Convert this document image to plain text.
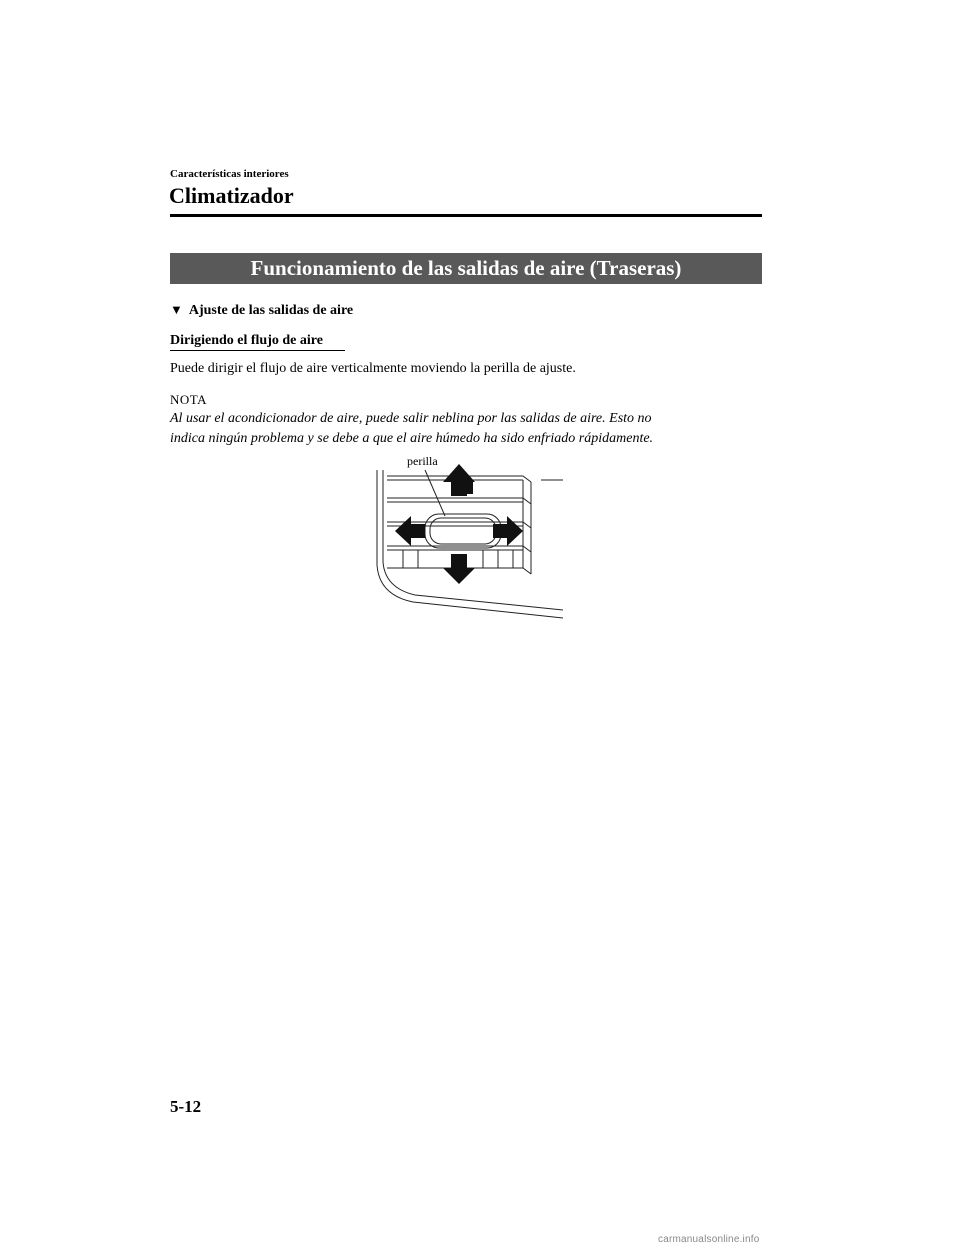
Características interiores
Climatizador
Funcionamiento de las salidas de aire (Traseras)
▼ Ajuste de las salidas de aire
Dirigiendo el flujo de aire
Puede dirigir el flujo de aire verticalmente moviendo la perilla de ajuste.
NOTA
Al usar el acondicionador de aire, puede salir neblina por las salidas de aire. Esto no
indica ningún problema y se debe a que el aire húmedo ha sido enfriado rápidamente.
perilla
5-12
carmanualsonline.info
